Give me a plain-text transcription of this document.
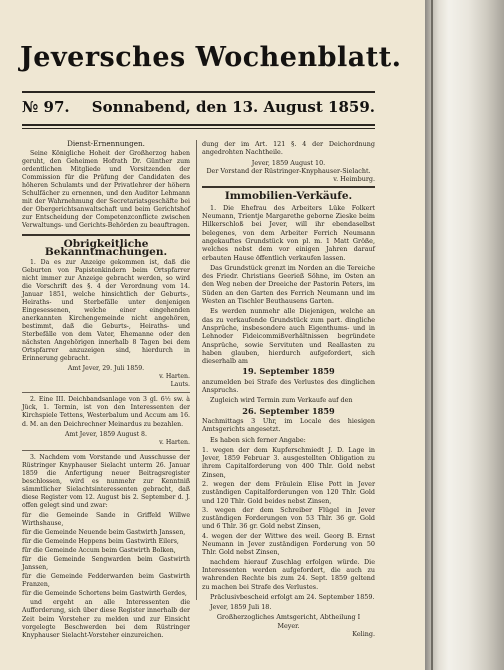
Jeversches Wochenblatt.
№ 97. Sonnabend, den 13. August 1859.
Dienst-Ernennungen.
Seine Königliche Hoheit der Großherzog haben geruht, den Geheimen Hofrath Dr. Günther zum ordentlichen Mitgliede und Vorsitzenden der Commission für die Prüfung der Candidaten des höheren Schulamts und der Privatlehrer der höhern Schulfächer zu ernennen, und den Auditor Lehmann mit der Wahrnehmung der Secretariatsgeschäfte bei der Obergerichtsanwaltschaft und beim Gerichtshof zur Entscheidung der Competenzconflicte zwischen Verwaltungs- und Gerichts-Behörden zu beauftragen.
Obrigkeitliche Bekanntmachungen.
1. Da es zur Anzeige gekommen ist, daß die Geburten von Papistenkindern beim Ortspfarrer nicht immer zur Anzeige gebracht werden, so wird die Vorschrift des §. 4 der Verordnung vom 14. Januar 1851, welche hinsichtlich der Geburts-, Heiraths- und Sterbefälle unter denjenigen Eingesessenen, welche einer eingehenden anerkannten Kirchengemeinde nicht angehören, bestimmt, daß die Geburts-, Heiraths- und Sterbefälle von dem Vater, Ehemanne oder den nächsten Angehörigen innerhalb 8 Tagen bei dem Ortspfarrer anzuzeigen sind, hierdurch in Erinnerung gebracht.
Amt Jever, 29. Juli 1859.
v. Harten.
Lauts.
2. Eine III. Deichbandsanlage von 3 gl. 6½ sw. à Jück, 1. Termin, ist von den Interessenten der Kirchspiele Tettens, Westerbalum und Accum am 16. d. M. an den Deichrechner Meinardus zu bezahlen.
Amt Jever, 1859 August 8.
v. Harten.
3. Nachdem vom Vorstande und Ausschusse der Rüstringer Knyphauser Sielacht unterm 26. Januar 1859 die Anfertigung neuer Beitragsregister beschlossen, wird es nunmehr zur Kenntniß sämmtlicher Sielachtsinteressenten gebracht, daß diese Register vom 12. August bis 2. September d. J. offen gelegt sind und zwar:
für die Gemeinde Sande in Griffeld Willwe Wirthshause,
für die Gemeinde Neuende beim Gastwirth Janssen,
für die Gemeinde Heppens beim Gastwirth Eilers,
für die Gemeinde Accum beim Gastwirth Bolken,
für die Gemeinde Sengwarden beim Gastwirth Janssen,
für die Gemeinde Fedderwarden beim Gastwirth Franzen,
für die Gemeinde Schortens beim Gastwirth Gerdes,
und ergeht an alle Interessenten die Aufforderung, sich über diese Register innerhalb der Zeit beim Vorsteher zu melden und zur Einsicht vorgelegte Beschwerden bei dem Rüstringer Knyphauser Sielacht-Vorsteher einzureichen.
dung der im Art. 121 §. 4 der Deichordnung angedrohten Nachtheile.
Jever, 1859 August 10.
Der Vorstand der Rüstringer-Knyphauser-Sielacht.
v. Heimburg.
Immobilien-Verkäufe.
1. Die Ehefrau des Arbeiters Lüke Folkert Neumann, Trientje Margarethe geborne Zieske beim Hilkerschloß bei Jever, will ihr ebendaselbst belegenes, von dem Arbeiter Ferrich Neumann angekauftes Grundstück von pl. m. 1 Matt Größe, welches nebst dem vor einigen Jahren darauf erbauten Hause öffentlich verkaufen lassen.
Das Grundstück grenzt im Norden an die Tereiche des Friedr. Christians Geerieß Söhne, im Osten an den Weg neben der Dreeiche der Pastorin Peters, im Süden an den Garten des Ferrich Neumann und im Westen an Tischler Beuthausens Garten.
Es werden nunmehr alle Diejenigen, welche an das zu verkaufende Grundstück zum part. dingliche Ansprüche, insbesondere auch Eigenthums- und in Lehnoder Fideicommißverhältnissen begründete Ansprüche, sowie Servituten und Reallasten zu haben glauben, hierdurch aufgefordert, sich dieserhalb am
19. September 1859
anzumelden bei Strafe des Verlustes des dinglichen Anspruchs.
Zugleich wird Termin zum Verkaufe auf den
26. September 1859
Nachmittags 3 Uhr, im Locale des hiesigen Amtsgerichts angesetzt.
Es haben sich ferner Angabe:
1. wegen der dem Kupferschmiedt J. D. Lage in Jever, 1859 Februar 3. ausgestellten Obligation zu ihrem Capitalforderung von 400 Thlr. Gold nebst Zinsen,
2. wegen der dem Fräulein Elise Pott in Jever zuständigen Capitalforderungen von 120 Thlr. Gold und 120 Thlr. Gold beides nebst Zinsen,
3. wegen der dem Schreiber Flügel in Jever zuständigen Forderungen von 53 Thlr. 36 gr. Gold und 6 Thlr. 36 gr. Gold nebst Zinsen,
4. wegen der der Wittwe des weil. Georg B. Ernst Neumann in Jever zuständigen Forderung von 50 Thlr. Gold nebst Zinsen,
nachdem hierauf Zuschlag erfolgen würde. Die Interessenten werden aufgefordert, die auch zu wahrenden Rechte bis zum 24. Sept. 1859 geltend zu machen bei Strafe des Verlustes.
Präclusivbescheid erfolgt am 24. September 1859.
Jever, 1859 Juli 18.
Großherzogliches Amtsgericht, Abtheilung I
Meyer.
Keling.
